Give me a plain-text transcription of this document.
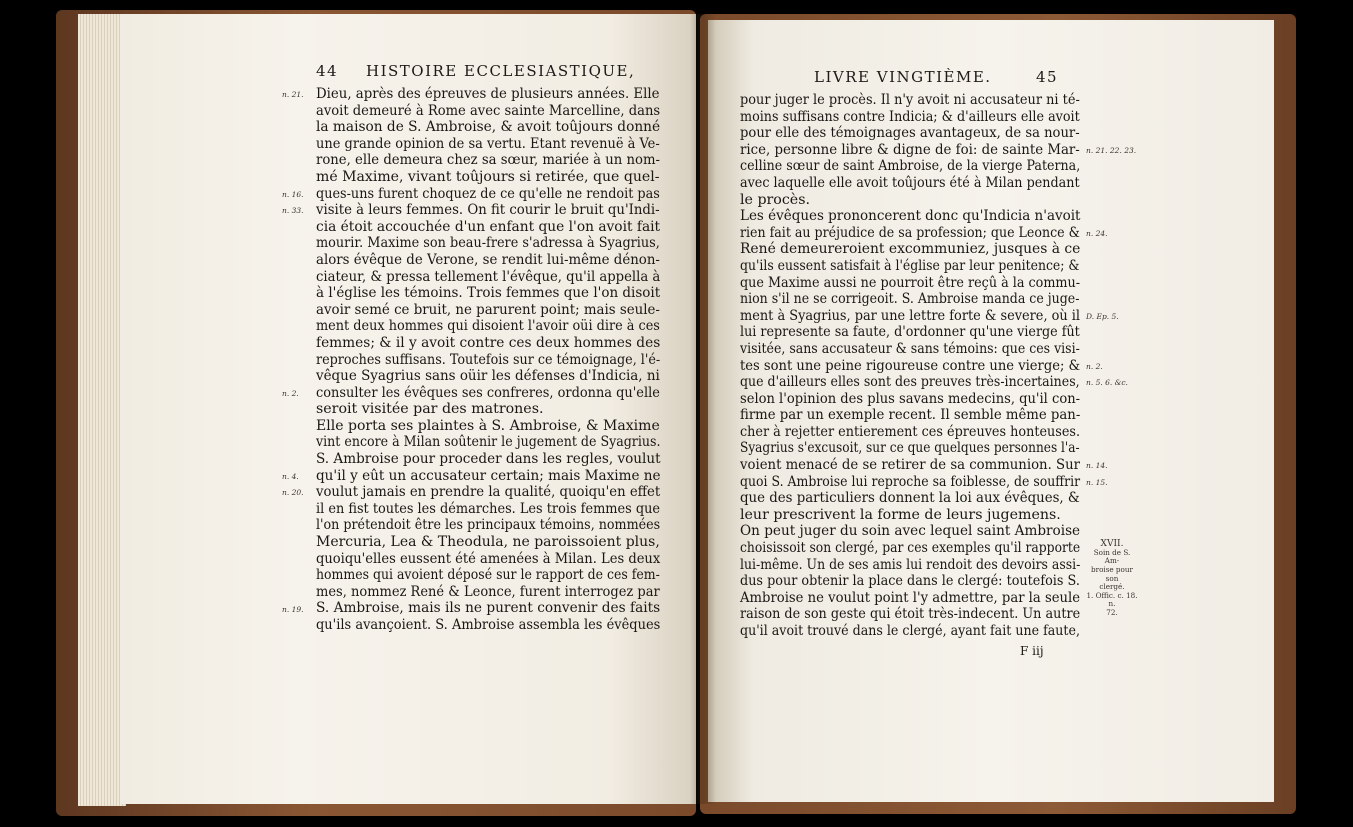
44 HISTOIRE ECCLESIASTIQUE,
Dieu, après des épreuves de plusieurs années. Elle
avoit demeuré à Rome avec sainte Marcelline, dans
la maison de S. Ambroise, & avoit toûjours donné
une grande opinion de sa vertu. Etant revenuë à Ve-
rone, elle demeura chez sa sœur, mariée à un nom-
mé Maxime, vivant toûjours si retirée, que quel-
ques-uns furent choquez de ce qu'elle ne rendoit pas
visite à leurs femmes. On fit courir le bruit qu'Indi-
cia étoit accouchée d'un enfant que l'on avoit fait
mourir. Maxime son beau-frere s'adressa à Syagrius,
alors évêque de Verone, se rendit lui-même dénon-
ciateur, & pressa tellement l'évêque, qu'il appella à
à l'église les témoins. Trois femmes que l'on disoit
avoir semé ce bruit, ne parurent point; mais seule-
ment deux hommes qui disoient l'avoir oüi dire à ces
femmes; & il y avoit contre ces deux hommes des
reproches suffisans. Toutefois sur ce témoignage, l'é-
vêque Syagrius sans oüir les défenses d'Indicia, ni
consulter les évêques ses confreres, ordonna qu'elle
seroit visitée par des matrones.
Elle porta ses plaintes à S. Ambroise, & Maxime
vint encore à Milan soûtenir le jugement de Syagrius.
S. Ambroise pour proceder dans les regles, voulut
qu'il y eût un accusateur certain; mais Maxime ne
voulut jamais en prendre la qualité, quoiqu'en effet
il en fist toutes les démarches. Les trois femmes que
l'on prétendoit être les principaux témoins, nommées
Mercuria, Lea & Theodula, ne paroissoient plus,
quoiqu'elles eussent été amenées à Milan. Les deux
hommes qui avoient déposé sur le rapport de ces fem-
mes, nommez René & Leonce, furent interrogez par
S. Ambroise, mais ils ne purent convenir des faits
qu'ils avançoient. S. Ambroise assembla les évêques
n. 21.
n. 16.
n. 33.
n. 2.
n. 4.
n. 20.
n. 19.
LIVRE VINGTIÈME.	45
pour juger le procès. Il n'y avoit ni accusateur ni té-
moins suffisans contre Indicia; & d'ailleurs elle avoit
pour elle des témoignages avantageux, de sa nour-
rice, personne libre & digne de foi: de sainte Mar-
celline sœur de saint Ambroise, de la vierge Paterna,
avec laquelle elle avoit toûjours été à Milan pendant
le procès.
Les évêques prononcerent donc qu'Indicia n'avoit
rien fait au préjudice de sa profession; que Leonce &
René demeureroient excommuniez, jusques à ce
qu'ils eussent satisfait à l'église par leur penitence; &
que Maxime aussi ne pourroit être reçû à la commu-
nion s'il ne se corrigeoit. S. Ambroise manda ce juge-
ment à Syagrius, par une lettre forte & severe, où il
lui represente sa faute, d'ordonner qu'une vierge fût
visitée, sans accusateur & sans témoins: que ces visi-
tes sont une peine rigoureuse contre une vierge; &
que d'ailleurs elles sont des preuves très-incertaines,
selon l'opinion des plus savans medecins, qu'il con-
firme par un exemple recent. Il semble même pan-
cher à rejetter entierement ces épreuves honteuses.
Syagrius s'excusoit, sur ce que quelques personnes l'a-
voient menacé de se retirer de sa communion. Sur
quoi S. Ambroise lui reproche sa foiblesse, de souffrir
que des particuliers donnent la loi aux évêques, &
leur prescrivent la forme de leurs jugemens.
On peut juger du soin avec lequel saint Ambroise
choisissoit son clergé, par ces exemples qu'il rapporte
lui-même. Un de ses amis lui rendoit des devoirs assi-
dus pour obtenir la place dans le clergé: toutefois S.
Ambroise ne voulut point l'y admettre, par la seule
raison de son geste qui étoit très-indecent. Un autre
qu'il avoit trouvé dans le clergé, ayant fait une faute,
F iij
n. 21. 22. 23.
n. 24.
D. Ep. 5.
n. 2.
n. 5. 6. &c.
n. 14.
n. 15.
XVII.
Soin de S. Am-
broise pour son
clergé.
1. Offic. c. 18. n.
72.
